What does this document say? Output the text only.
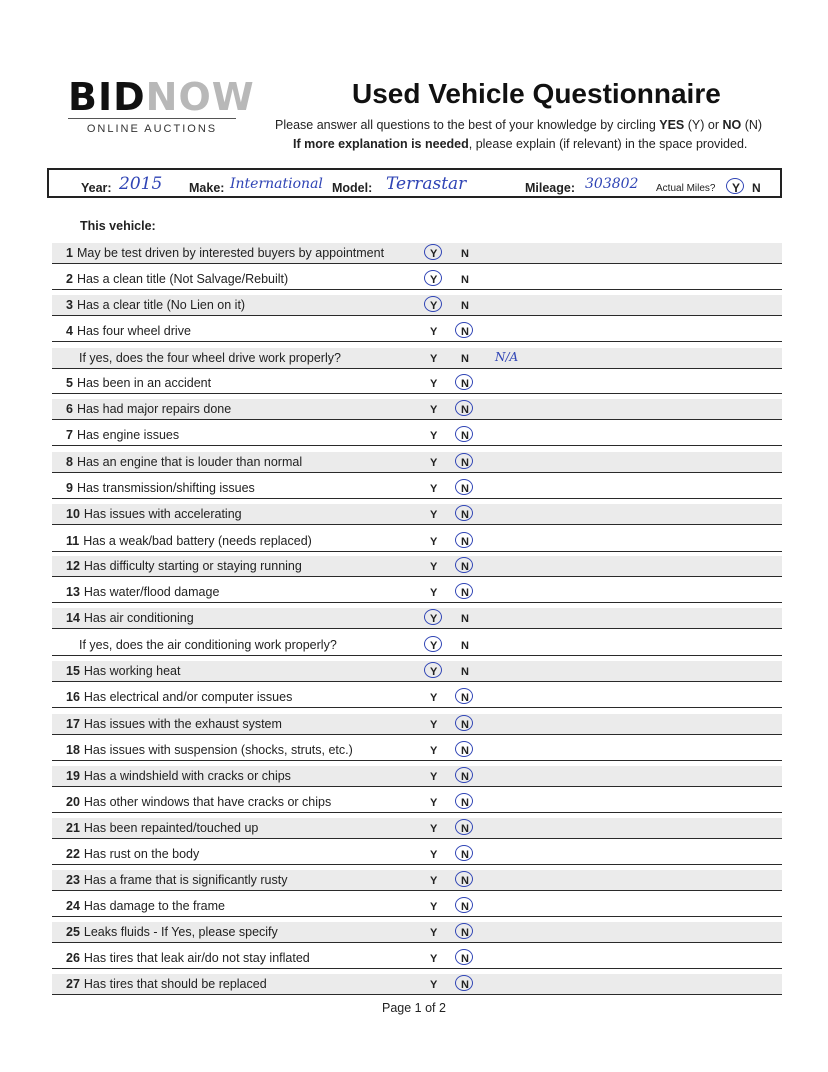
BIDNOW
ONLINE AUCTIONS
Used Vehicle Questionnaire
Please answer all questions to the best of your knowledge by circling YES (Y) or NO (N)
If more explanation is needed, please explain (if relevant) in the space provided.
Year: 2015 Make: International Model: Terrastar	Mileage: 303802 Actual Miles? Y N
This vehicle:
1 May be test driven by interested buyers by appointment	Y N
2 Has a clean title (Not Salvage/Rebuilt)	Y N
3 Has a clear title (No Lien on it)	Y N
4 Has four wheel drive	Y N
If yes, does the four wheel drive work properly?	Y N N/A
5 Has been in an accident	Y N
6 Has had major repairs done	Y N
7 Has engine issues	Y N
8 Has an engine that is louder than normal	Y N
9 Has transmission/shifting issues	Y N
10 Has issues with accelerating	Y N
11 Has a weak/bad battery (needs replaced)	Y N
12 Has difficulty starting or staying running	Y N
13 Has water/flood damage	Y N
14 Has air conditioning	Y N
If yes, does the air conditioning work properly?	Y N
15 Has working heat	Y N
16 Has electrical and/or computer issues	Y N
17 Has issues with the exhaust system	Y N
18 Has issues with suspension (shocks, struts, etc.)	Y N
19 Has a windshield with cracks or chips	Y N
20 Has other windows that have cracks or chips	Y N
21 Has been repainted/touched up	Y N
22 Has rust on the body	Y N
23 Has a frame that is significantly rusty	Y N
24 Has damage to the frame	Y N
25 Leaks fluids - If Yes, please specify	Y N
26 Has tires that leak air/do not stay inflated	Y N
27 Has tires that should be replaced	Y N
Page 1 of 2
